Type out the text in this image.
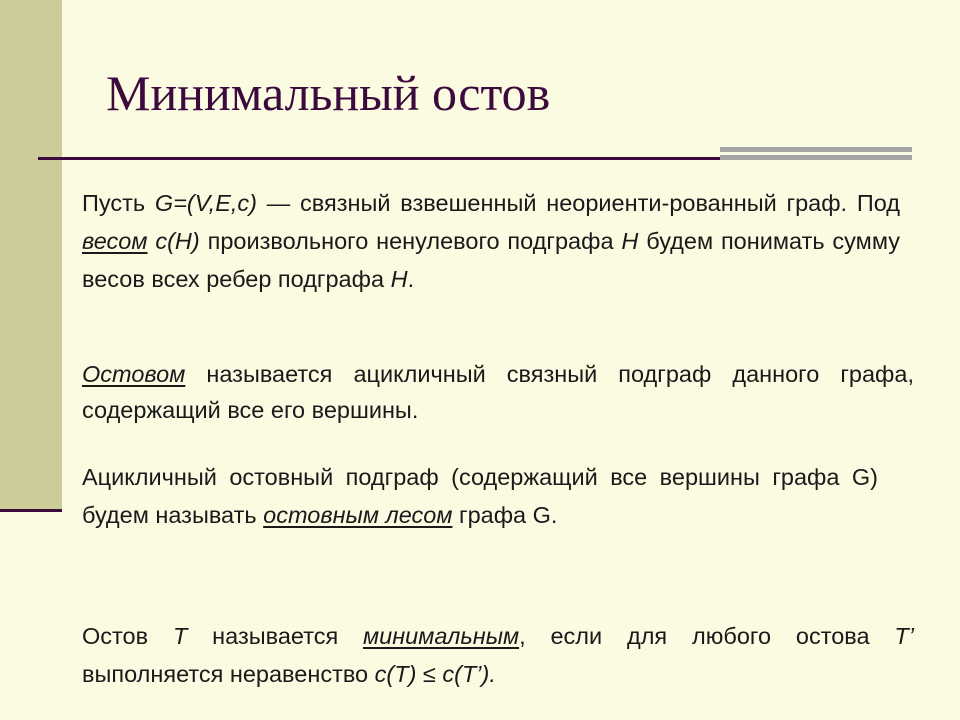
Минимальный остов

Пусть G=(V,E,c) — связный взвешенный неориенти-рованный граф. Под весом c(H) произвольного ненулевого подграфа H будем понимать сумму весов всех ребер подграфа H.

Остовом называется ацикличный связный подграф данного графа, содержащий все его вершины.

Ацикличный остовный подграф (содержащий все вершины графа G) будем называть остовным лесом графа G.

Остов T называется минимальным, если для любого остова T’ выполняется неравенство c(T) ≤ c(T’).
